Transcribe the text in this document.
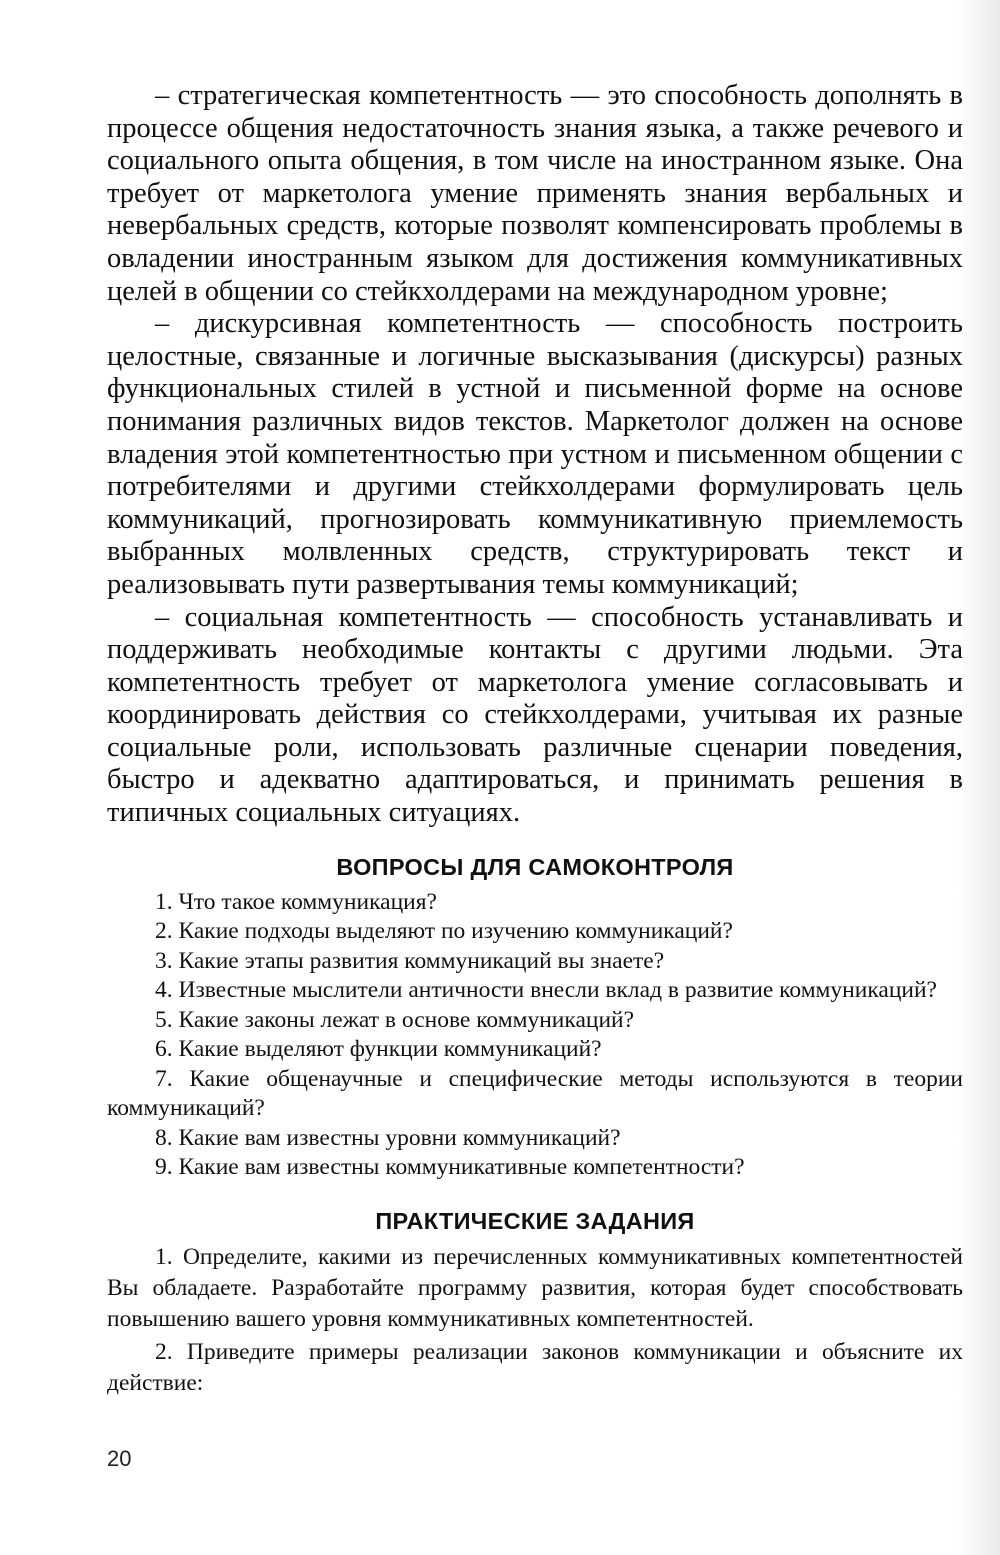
– стратегическая компетентность — это способность дополнять в процессе общения недостаточность знания языка, а также речевого и социального опыта общения, в том числе на иностранном языке. Она требует от маркетолога умение применять знания вербальных и невербальных средств, которые позволят компенсировать проблемы в овладении иностранным языком для достижения коммуникативных целей в общении со стейкхолдерами на международном уровне;

– дискурсивная компетентность — способность построить целостные, связанные и логичные высказывания (дискурсы) разных функциональных стилей в устной и письменной форме на основе понимания различных видов текстов. Маркетолог должен на основе владения этой компетентностью при устном и письменном общении с потребителями и другими стейкхолдерами формулировать цель коммуникаций, прогнозировать коммуникативную приемлемость выбранных молвленных средств, структурировать текст и реализовывать пути развертывания темы коммуникаций;

– социальная компетентность — способность устанавливать и поддерживать необходимые контакты с другими людьми. Эта компетентность требует от маркетолога умение согласовывать и координировать действия со стейкхолдерами, учитывая их разные социальные роли, использовать различные сценарии поведения, быстро и адекватно адаптироваться, и принимать решения в типичных социальных ситуациях.

ВОПРОСЫ ДЛЯ САМОКОНТРОЛЯ

1. Что такое коммуникация?

2. Какие подходы выделяют по изучению коммуникаций?

3. Какие этапы развития коммуникаций вы знаете?

4. Известные мыслители античности внесли вклад в развитие коммуникаций?

5. Какие законы лежат в основе коммуникаций?

6. Какие выделяют функции коммуникаций?

7. Какие общенаучные и специфические методы используются в теории коммуникаций?

8. Какие вам известны уровни коммуникаций?

9. Какие вам известны коммуникативные компетентности?

ПРАКТИЧЕСКИЕ ЗАДАНИЯ

1. Определите, какими из перечисленных коммуникативных компетентностей Вы обладаете. Разработайте программу развития, которая будет способствовать повышению вашего уровня коммуникативных компетентностей.

2. Приведите примеры реализации законов коммуникации и объясните их действие:

20
